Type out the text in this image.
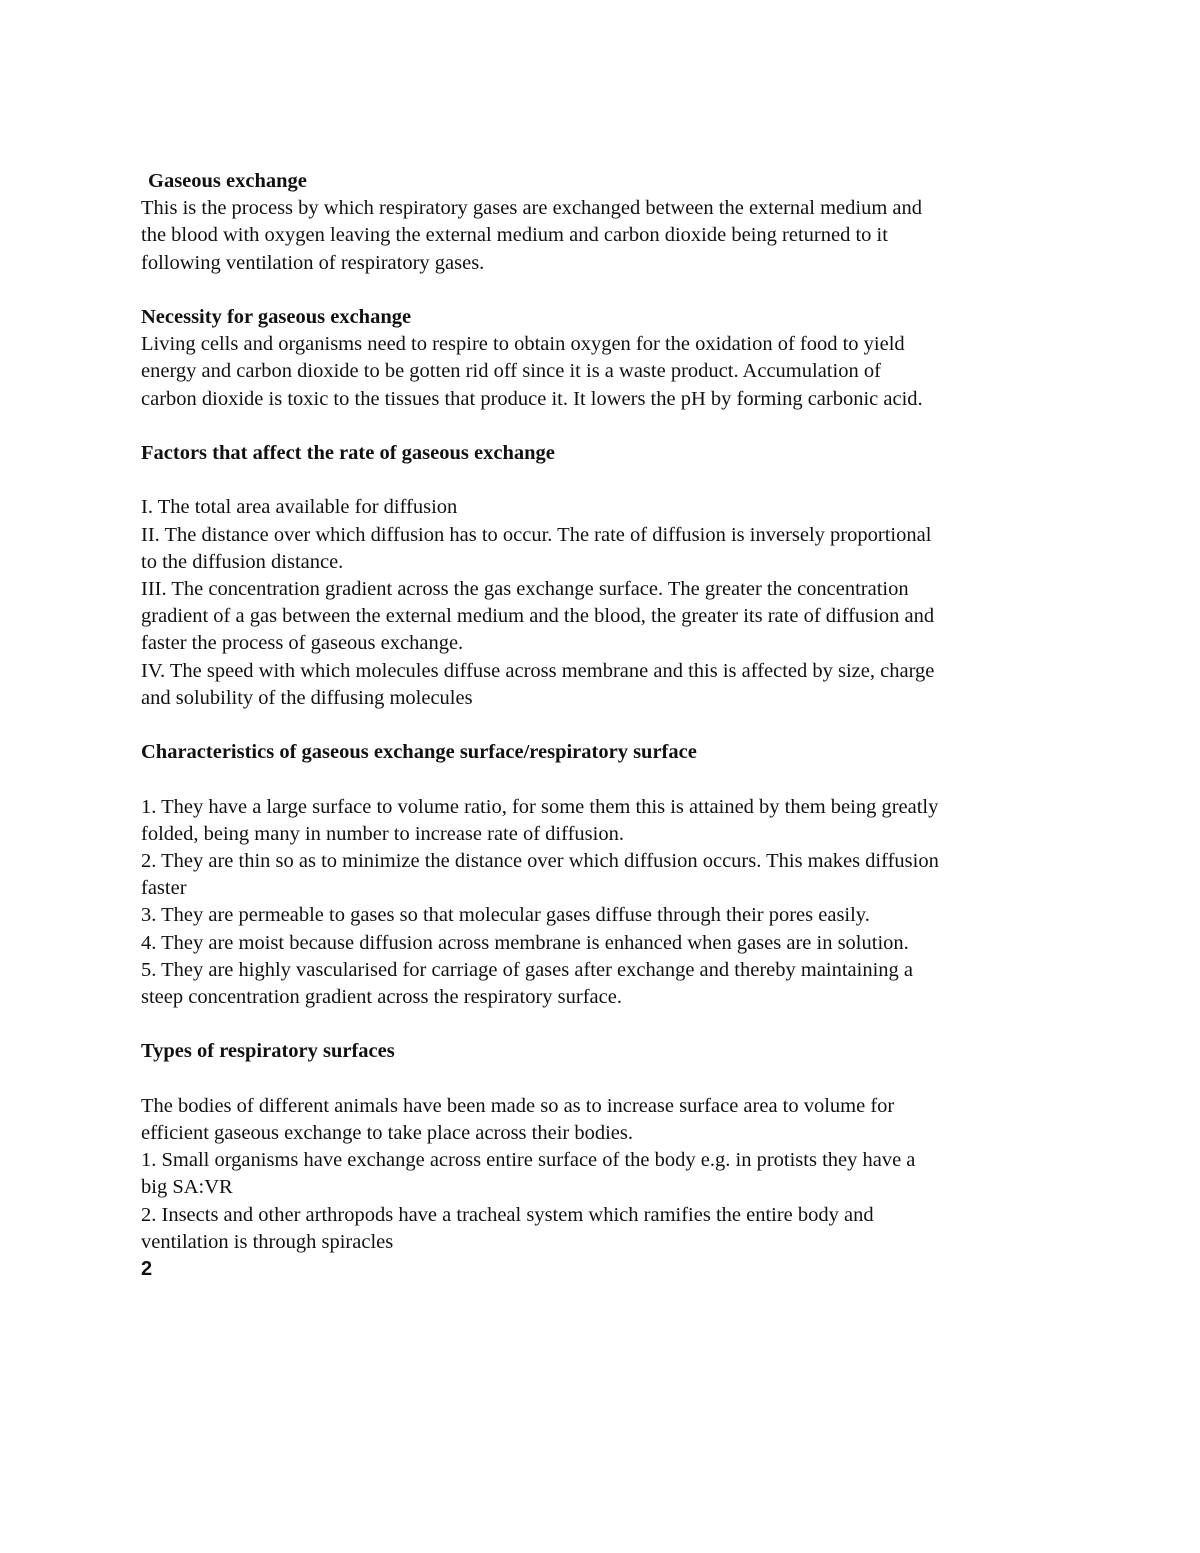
Gaseous exchange

This is the process by which respiratory gases are exchanged between the external medium and

the blood with oxygen leaving the external medium and carbon dioxide being returned to it

following ventilation of respiratory gases.

Necessity for gaseous exchange

Living cells and organisms need to respire to obtain oxygen for the oxidation of food to yield

energy and carbon dioxide to be gotten rid off since it is a waste product. Accumulation of

carbon dioxide is toxic to the tissues that produce it. It lowers the pH by forming carbonic acid.

Factors that affect the rate of gaseous exchange

I. The total area available for diffusion

II. The distance over which diffusion has to occur. The rate of diffusion is inversely proportional

to the diffusion distance.

III. The concentration gradient across the gas exchange surface. The greater the concentration

gradient of a gas between the external medium and the blood, the greater its rate of diffusion and

faster the process of gaseous exchange.

IV. The speed with which molecules diffuse across membrane and this is affected by size, charge

and solubility of the diffusing molecules

Characteristics of gaseous exchange surface/respiratory surface

1. They have a large surface to volume ratio, for some them this is attained by them being greatly

folded, being many in number to increase rate of diffusion.

2. They are thin so as to minimize the distance over which diffusion occurs. This makes diffusion

faster

3. They are permeable to gases so that molecular gases diffuse through their pores easily.

4. They are moist because diffusion across membrane is enhanced when gases are in solution.

5. They are highly vascularised for carriage of gases after exchange and thereby maintaining a

steep concentration gradient across the respiratory surface.

Types of respiratory surfaces

The bodies of different animals have been made so as to increase surface area to volume for

efficient gaseous exchange to take place across their bodies.

1. Small organisms have exchange across entire surface of the body e.g. in protists they have a

big SA:VR

2. Insects and other arthropods have a tracheal system which ramifies the entire body and

ventilation is through spiracles

2
